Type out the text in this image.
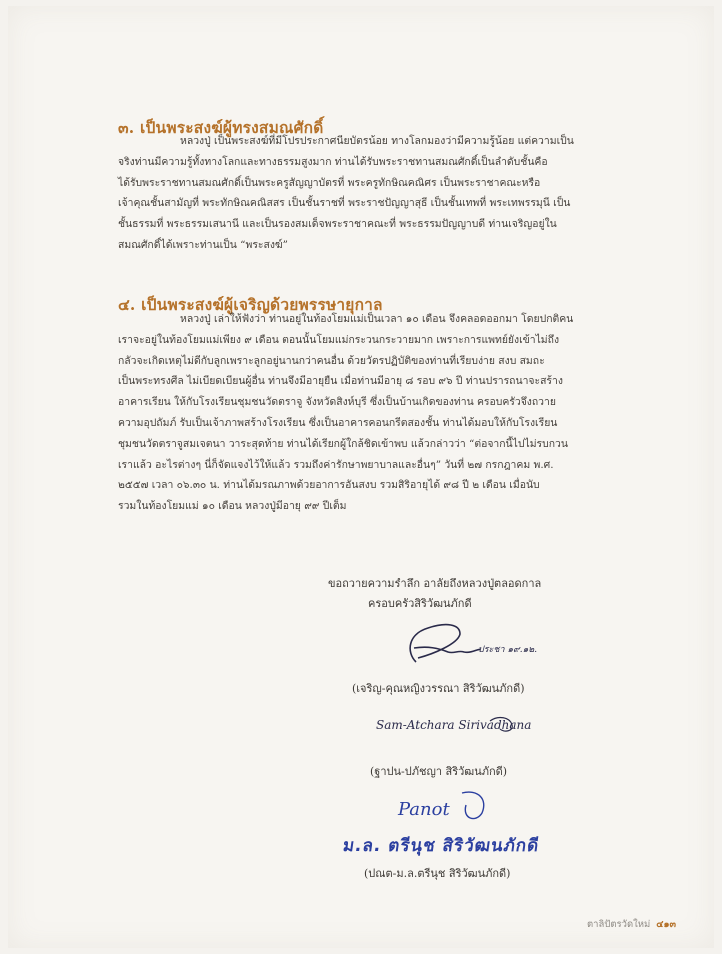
๓. เป็นพระสงฆ์ผู้ทรงสมณศักดิ์

หลวงปู่ เป็นพระสงฆ์ที่มีโปรประกาศนียบัตรน้อย ทางโลกมองว่ามีความรู้น้อย แต่ความเป็น
จริงท่านมีความรู้ทั้งทางโลกและทางธรรมสูงมาก ท่านได้รับพระราชทานสมณศักดิ์เป็นลำดับชั้นคือ
ได้รับพระราชทานสมณศักดิ์เป็นพระครูสัญญาบัตรที่ พระครูทักษิณคณิศร เป็นพระราชาคณะหรือ
เจ้าคุณชั้นสามัญที่ พระทักษิณคณิสสร เป็นชั้นราชที่ พระราชปัญญาสุธี เป็นชั้นเทพที่ พระเทพรรมุนี เป็น
ชั้นธรรมที่ พระธรรมเสนานี และเป็นรองสมเด็จพระราชาคณะที่ พระธรรมปัญญาบดี ท่านเจริญอยู่ใน
สมณศักดิ์ได้เพราะท่านเป็น “พระสงฆ์”

๔. เป็นพระสงฆ์ผู้เจริญด้วยพรรษายุกาล

หลวงปู่ เล่าให้ฟังว่า ท่านอยู่ในท้องโยมแม่เป็นเวลา ๑๐ เดือน จึงคลอดออกมา โดยปกติคน
เราจะอยู่ในท้องโยมแม่เพียง ๙ เดือน ตอนนั้นโยมแม่กระวนกระวายมาก เพราะการแพทย์ยังเข้าไม่ถึง
กลัวจะเกิดเหตุไม่ดีกับลูกเพราะลูกอยู่นานกว่าคนอื่น ด้วยวัตรปฏิบัติของท่านที่เรียบง่าย สงบ สมถะ
เป็นพระทรงศีล ไม่เบียดเบียนผู้อื่น ท่านจึงมีอายุยืน เมื่อท่านมีอายุ ๘ รอบ ๙๖ ปี ท่านปรารถนาจะสร้าง
อาคารเรียน ให้กับโรงเรียนชุมชนวัดตราจู จังหวัดสิงห์บุรี ซึ่งเป็นบ้านเกิดของท่าน ครอบครัวจึงถวาย
ความอุปถัมภ์ รับเป็นเจ้าภาพสร้างโรงเรียน ซึ่งเป็นอาคารคอนกรีตสองชั้น ท่านได้มอบให้กับโรงเรียน
ชุมชนวัดตราจูสมเจตนา วาระสุดท้าย ท่านได้เรียกผู้ใกล้ชิดเข้าพบ แล้วกล่าวว่า “ต่อจากนี้ไปไม่รบกวน
เราแล้ว อะไรต่างๆ นี่ก็จัดแจงไว้ให้แล้ว รวมถึงค่ารักษาพยาบาลและอื่นๆ” วันที่ ๒๗ กรกฎาคม พ.ศ.
๒๕๕๗ เวลา ๐๖.๓๐ น. ท่านได้มรณภาพด้วยอาการอันสงบ รวมสิริอายุได้ ๙๘ ปี ๒ เดือน เมื่อนับ
รวมในท้องโยมแม่ ๑๐ เดือน หลวงปู่มีอายุ ๙๙ ปีเต็ม

ขอถวายความรำลึก อาลัยถึงหลวงปู่ตลอดกาล
ครอบครัวสิริวัฒนภักดี
ประชา ๑๙.๑๒.
(เจริญ-คุณหญิงวรรณา สิริวัฒนภักดี)
Sam-Atchara Sirivadhana
(ฐาปน-ปภัชญา สิริวัฒนภักดี)
Panot
ม.ล. ตรีนุช สิริวัฒนภักดี
(ปณต-ม.ล.ตรีนุช สิริวัฒนภักดี)
ตาลิปัตรวัดใหม่ ๔๑๓
